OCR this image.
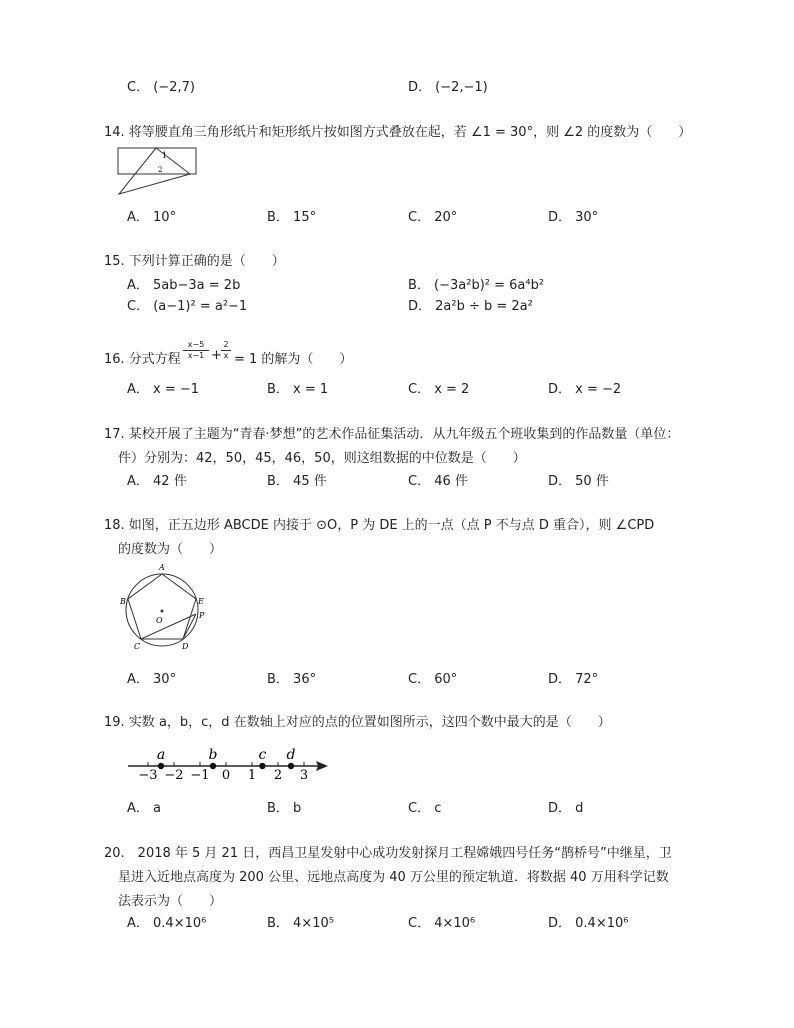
C． (−2,7)	D． (−2,−1)
14. 将等腰直角三角形纸片和矩形纸片按如图方式叠放在起，若 ∠1 = 30°，则 ∠2 的度数为（　　）
1
2
A． 10°	B． 15°	C． 20°	D． 30°
15. 下列计算正确的是（　　）
A． 5ab−3a = 2b	B． (−3a²b)² = 6a⁴b²
C． (a−1)² = a²−1	D． 2a²b ÷ b = 2a²
16. 分式方程 $\frac{x-5}{x-1} + \frac{2}{x} = 1$ 的解为（　　）
A． x = −1	B． x = 1	C． x = 2	D． x = −2
17. 某校开展了主题为“青春·梦想”的艺术作品征集活动．从九年级五个班收集到的作品数量（单位：
件）分别为：42，50，45，46，50，则这组数据的中位数是（　　）
A． 42 件	B． 45 件	C． 46 件	D． 50 件
18. 如图，正五边形 ABCDE 内接于 ⊙O，P 为 DE 上的一点（点 P 不与点 D 重合），则 ∠CPD
的度数为（　　）
A
B
C	D
E
P
O
A． 30°	B． 36°	C． 60°	D． 72°
19. 实数 a，b，c，d 在数轴上对应的点的位置如图所示，这四个数中最大的是（　　）
−3 −2 −1 0 1 2 3
a	b	c d
A． a	B． b	C． c	D． d
20.　2018 年 5 月 21 日，西昌卫星发射中心成功发射探月工程嫦娥四号任务“鹊桥号”中继星，卫
星进入近地点高度为 200 公里、远地点高度为 40 万公里的预定轨道．将数据 40 万用科学记数
法表示为（　　）
A． 0.4×10⁶	B． 4×10⁵	C． 4×10⁶	D． 0.4×10⁶
